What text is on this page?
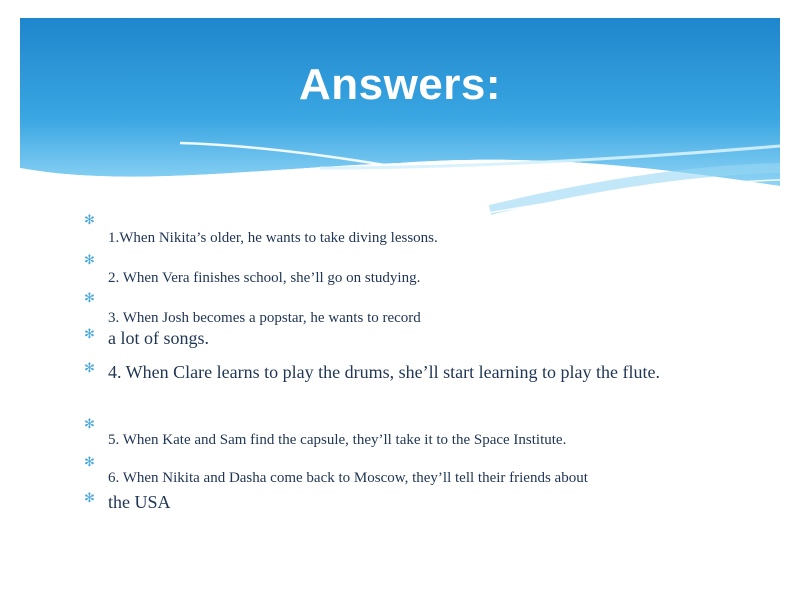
Answers:
✻
1.When Nikita’s older, he wants to take diving lessons.
✻
2. When Vera finishes school, she’ll go on studying.
✻
3. When Josh becomes a popstar, he wants to record
✻ a lot of songs.
✻ 4. When Clare learns to play the drums, she’ll start learning to play the flute.
✻
5. When Kate and Sam find the capsule, they’ll take it to the Space Institute.
✻
6. When Nikita and Dasha come back to Moscow, they’ll tell their friends about
✻ the USA
